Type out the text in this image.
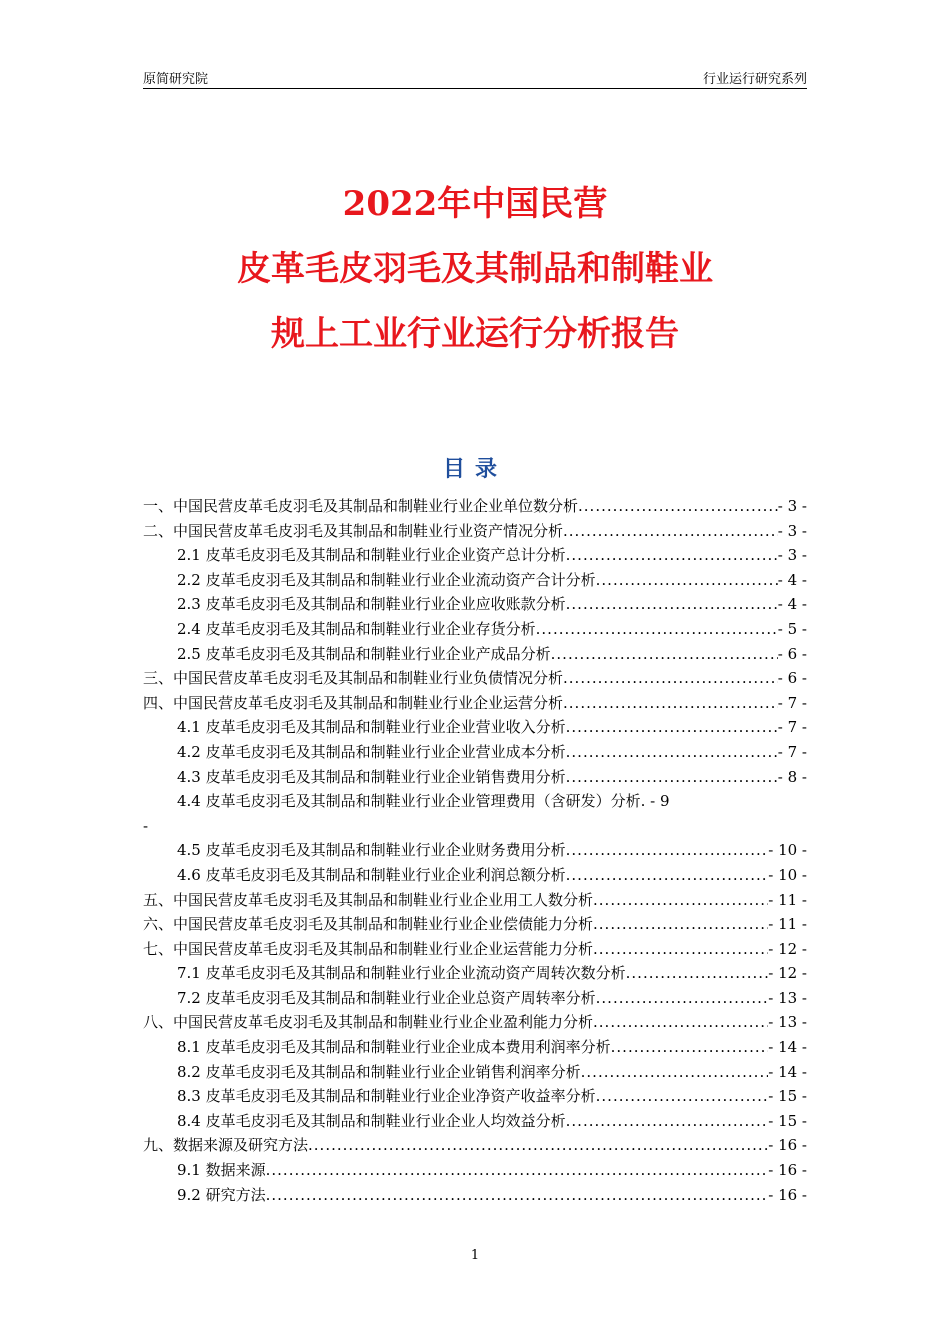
原简研究院	行业运行研究系列
2022年中国民营
皮革毛皮羽毛及其制品和制鞋业
规上工业行业运行分析报告
目录
一、中国民营皮革毛皮羽毛及其制品和制鞋业行业企业单位数分析 .....	- 3 -
二、中国民营皮革毛皮羽毛及其制品和制鞋业行业资产情况分析 .....	- 3 -
2.1 皮革毛皮羽毛及其制品和制鞋业行业企业资产总计分析 .....	- 3 -
2.2 皮革毛皮羽毛及其制品和制鞋业行业企业流动资产合计分析 .....	- 4 -
2.3 皮革毛皮羽毛及其制品和制鞋业行业企业应收账款分析 .....	- 4 -
2.4 皮革毛皮羽毛及其制品和制鞋业行业企业存货分析 .....	- 5 -
2.5 皮革毛皮羽毛及其制品和制鞋业行业企业产成品分析 .....	- 6 -
三、中国民营皮革毛皮羽毛及其制品和制鞋业行业负债情况分析 .....	- 6 -
四、中国民营皮革毛皮羽毛及其制品和制鞋业行业企业运营分析 .....	- 7 -
4.1 皮革毛皮羽毛及其制品和制鞋业行业企业营业收入分析 .....	- 7 -
4.2 皮革毛皮羽毛及其制品和制鞋业行业企业营业成本分析 .....	- 7 -
4.3 皮革毛皮羽毛及其制品和制鞋业行业企业销售费用分析 .....	- 8 -
4.4 皮革毛皮羽毛及其制品和制鞋业行业企业管理费用（含研发）分析 . - 9
-
4.5 皮革毛皮羽毛及其制品和制鞋业行业企业财务费用分析 .....	- 10 -
4.6 皮革毛皮羽毛及其制品和制鞋业行业企业利润总额分析 .....	- 10 -
五、中国民营皮革毛皮羽毛及其制品和制鞋业行业企业用工人数分析 .....	- 11 -
六、中国民营皮革毛皮羽毛及其制品和制鞋业行业企业偿债能力分析 .....	- 11 -
七、中国民营皮革毛皮羽毛及其制品和制鞋业行业企业运营能力分析 .....	- 12 -
7.1 皮革毛皮羽毛及其制品和制鞋业行业企业流动资产周转次数分析 .....	- 12 -
7.2 皮革毛皮羽毛及其制品和制鞋业行业企业总资产周转率分析 .....	- 13 -
八、中国民营皮革毛皮羽毛及其制品和制鞋业行业企业盈利能力分析 .....	- 13 -
8.1 皮革毛皮羽毛及其制品和制鞋业行业企业成本费用利润率分析 .....	- 14 -
8.2 皮革毛皮羽毛及其制品和制鞋业行业企业销售利润率分析 .....	- 14 -
8.3 皮革毛皮羽毛及其制品和制鞋业行业企业净资产收益率分析 .....	- 15 -
8.4 皮革毛皮羽毛及其制品和制鞋业行业企业人均效益分析 .....	- 15 -
九、数据来源及研究方法 .....	- 16 -
9.1 数据来源 .....	- 16 -
9.2 研究方法 .....	- 16 -
1
